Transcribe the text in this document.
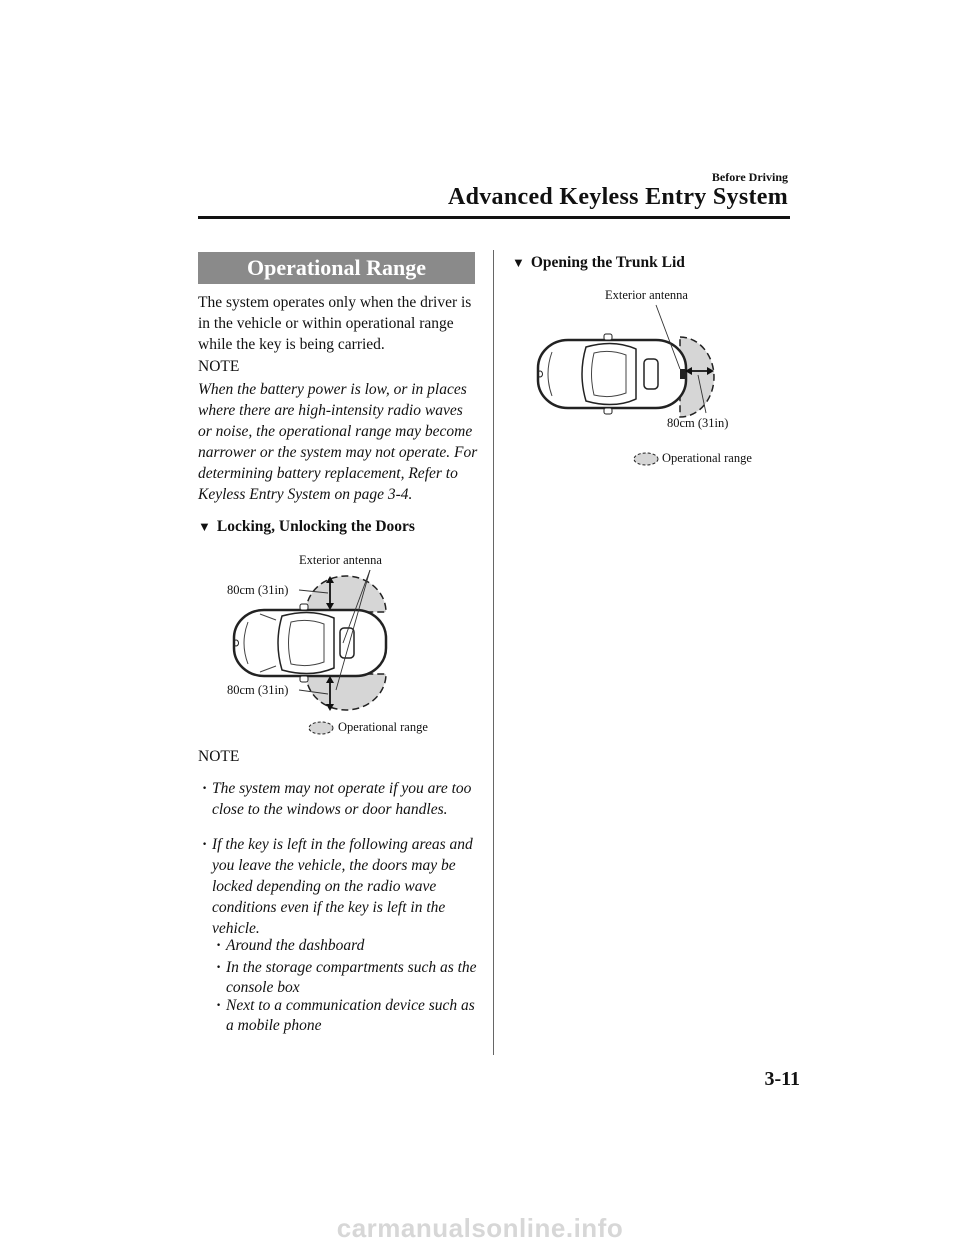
Before Driving
Advanced Keyless Entry System
Operational Range
The system operates only when the driver is in the vehicle or within operational range while the key is being carried.
NOTE
When the battery power is low, or in places where there are high-intensity radio waves or noise, the operational range may become narrower or the system may not operate. For determining battery replacement, Refer to Keyless Entry System on page 3-4.
▼ Locking, Unlocking the Doors
Exterior antenna
80cm (31in)
80cm (31in)
Operational range
NOTE

· The system may not operate if you are too close to the windows or door handles.

· If the key is left in the following areas and you leave the vehicle, the doors may be locked depending on the radio wave conditions even if the key is left in the vehicle.

· Around the dashboard

· In the storage compartments such as the console box

· Next to a communication device such as a mobile phone

▼ Opening the Trunk Lid
Exterior antenna
80cm (31in)
Operational range
3-11
carmanualsonline.info
